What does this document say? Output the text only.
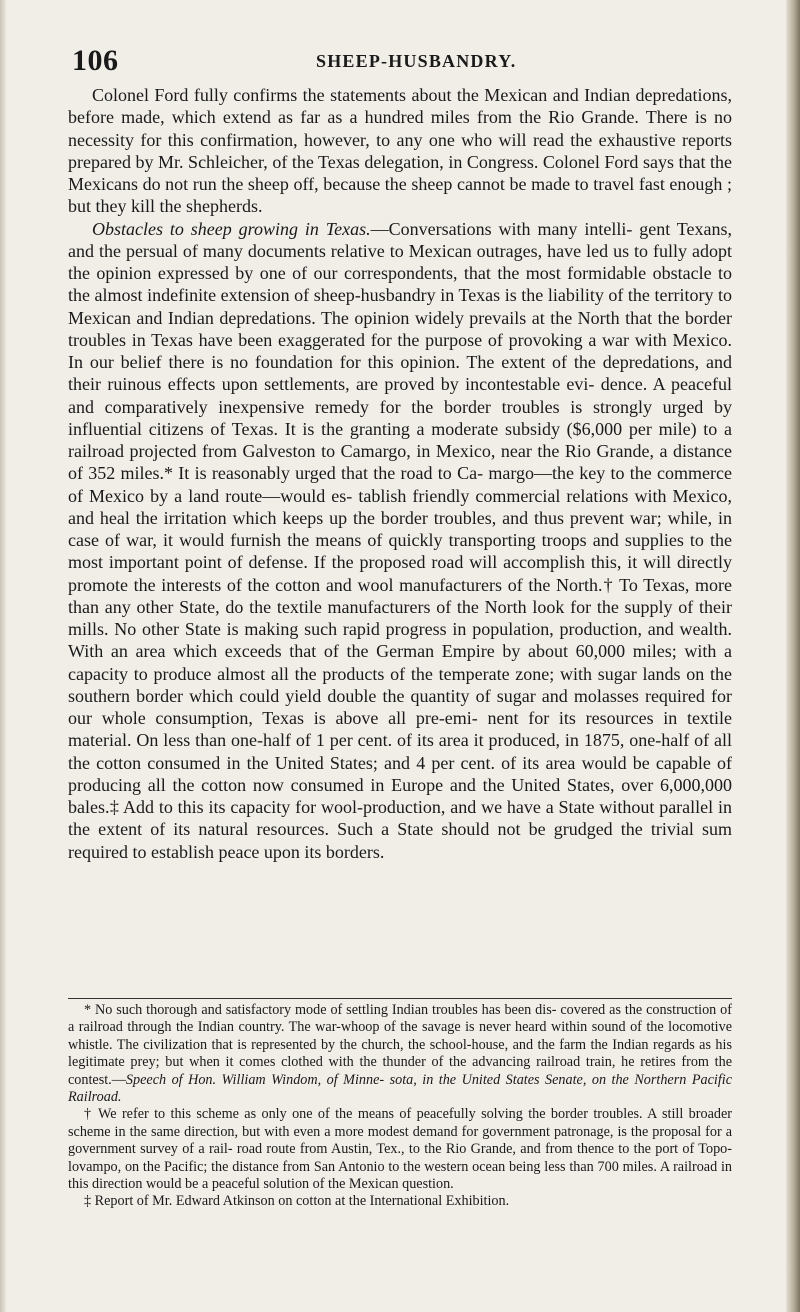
106	SHEEP-HUSBANDRY.

Colonel Ford fully confirms the statements about the Mexican and Indian depredations, before made, which extend as far as a hundred miles from the Rio Grande. There is no necessity for this confirmation, however, to any one who will read the exhaustive reports prepared by Mr. Schleicher, of the Texas delegation, in Congress. Colonel Ford says that the Mexicans do not run the sheep off, because the sheep cannot be made to travel fast enough ; but they kill the shepherds.

Obstacles to sheep growing in Texas.—Conversations with many intelli- gent Texans, and the persual of many documents relative to Mexican outrages, have led us to fully adopt the opinion expressed by one of our correspondents, that the most formidable obstacle to the almost indefinite extension of sheep-husbandry in Texas is the liability of the territory to Mexican and Indian depredations. The opinion widely prevails at the North that the border troubles in Texas have been exaggerated for the purpose of provoking a war with Mexico. In our belief there is no foundation for this opinion. The extent of the depredations, and their ruinous effects upon settlements, are proved by incontestable evi- dence. A peaceful and comparatively inexpensive remedy for the border troubles is strongly urged by influential citizens of Texas. It is the granting a moderate subsidy ($6,000 per mile) to a railroad projected from Galveston to Camargo, in Mexico, near the Rio Grande, a distance of 352 miles.* It is reasonably urged that the road to Ca- margo—the key to the commerce of Mexico by a land route—would es- tablish friendly commercial relations with Mexico, and heal the irritation which keeps up the border troubles, and thus prevent war; while, in case of war, it would furnish the means of quickly transporting troops and supplies to the most important point of defense. If the proposed road will accomplish this, it will directly promote the interests of the cotton and wool manufacturers of the North.† To Texas, more than any other State, do the textile manufacturers of the North look for the supply of their mills. No other State is making such rapid progress in population, production, and wealth. With an area which exceeds that of the German Empire by about 60,000 miles; with a capacity to produce almost all the products of the temperate zone; with sugar lands on the southern border which could yield double the quantity of sugar and molasses required for our whole consumption, Texas is above all pre-emi- nent for its resources in textile material. On less than one-half of 1 per cent. of its area it produced, in 1875, one-half of all the cotton consumed in the United States; and 4 per cent. of its area would be capable of producing all the cotton now consumed in Europe and the United States, over 6,000,000 bales.‡ Add to this its capacity for wool-production, and we have a State without parallel in the extent of its natural resources. Such a State should not be grudged the trivial sum required to establish peace upon its borders.

* No such thorough and satisfactory mode of settling Indian troubles has been dis- covered as the construction of a railroad through the Indian country. The war-whoop of the savage is never heard within sound of the locomotive whistle. The civilization that is represented by the church, the school-house, and the farm the Indian regards as his legitimate prey; but when it comes clothed with the thunder of the advancing railroad train, he retires from the contest.—Speech of Hon. William Windom, of Minne- sota, in the United States Senate, on the Northern Pacific Railroad.

† We refer to this scheme as only one of the means of peacefully solving the border troubles. A still broader scheme in the same direction, but with even a more modest demand for government patronage, is the proposal for a government survey of a rail- road route from Austin, Tex., to the Rio Grande, and from thence to the port of Topo- lovampo, on the Pacific; the distance from San Antonio to the western ocean being less than 700 miles. A railroad in this direction would be a peaceful solution of the Mexican question.

‡ Report of Mr. Edward Atkinson on cotton at the International Exhibition.
